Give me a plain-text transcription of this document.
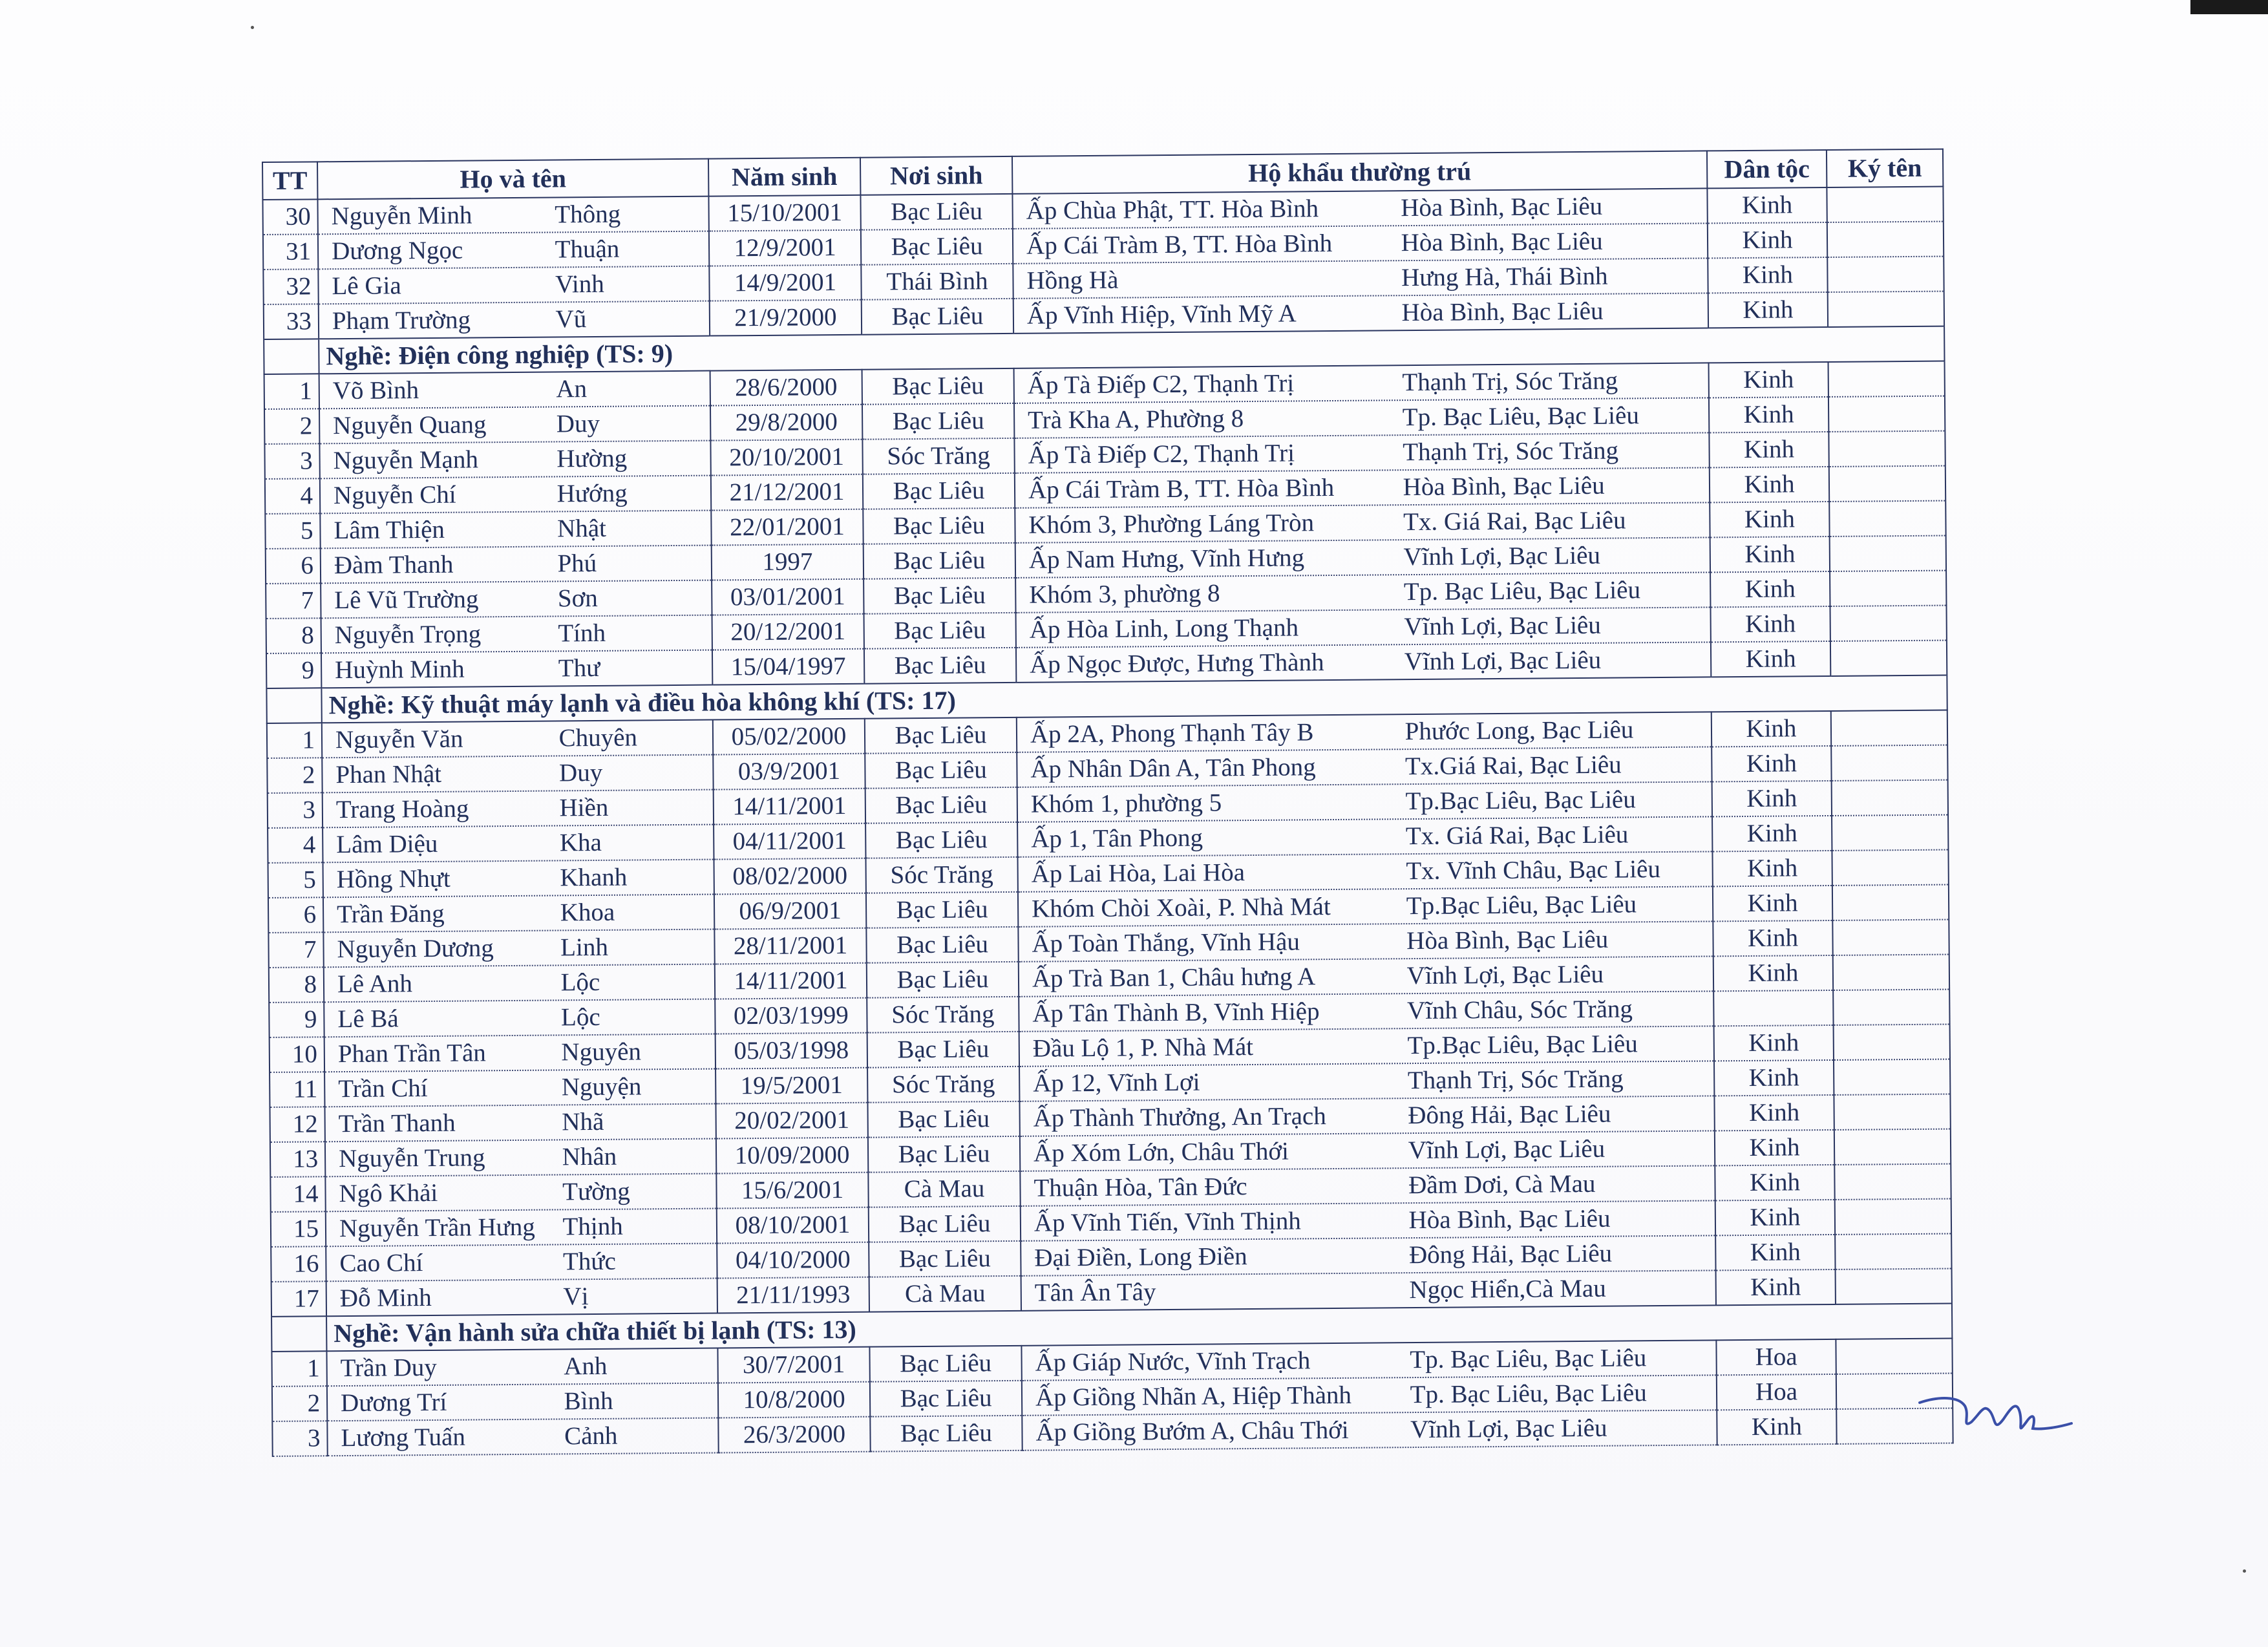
TT	Họ và tên	Năm sinh	Nơi sinh	Hộ khẩu thường trú	Dân tộc	Ký tên
30	Nguyễn Minh Thông	15/10/2001	Bạc Liêu	Ấp Chùa Phật, TT. Hòa Bình Hòa Bình, Bạc Liêu	Kinh	
31	Dương Ngọc Thuận	12/9/2001	Bạc Liêu	Ấp Cái Tràm B, TT. Hòa Bình Hòa Bình, Bạc Liêu	Kinh	
32	Lê Gia Vinh	14/9/2001	Thái Bình	Hồng Hà Hưng Hà, Thái Bình	Kinh	
33	Phạm Trường Vũ	21/9/2000	Bạc Liêu	Ấp Vĩnh Hiệp, Vĩnh Mỹ A Hòa Bình, Bạc Liêu	Kinh	
	Nghề: Điện công nghiệp (TS: 9)					
1	Võ Bình An	28/6/2000	Bạc Liêu	Ấp Tà Điếp C2, Thạnh Trị Thạnh Trị, Sóc Trăng	Kinh	
2	Nguyễn Quang Duy	29/8/2000	Bạc Liêu	Trà Kha A, Phường 8 Tp. Bạc Liêu, Bạc Liêu	Kinh	
3	Nguyễn Mạnh Hường	20/10/2001	Sóc Trăng	Ấp Tà Điếp C2, Thạnh Trị Thạnh Trị, Sóc Trăng	Kinh	
4	Nguyễn Chí Hướng	21/12/2001	Bạc Liêu	Ấp Cái Tràm B, TT. Hòa Bình Hòa Bình, Bạc Liêu	Kinh	
5	Lâm Thiện Nhật	22/01/2001	Bạc Liêu	Khóm 3, Phường Láng Tròn Tx. Giá Rai, Bạc Liêu	Kinh	
6	Đàm Thanh Phú	1997	Bạc Liêu	Ấp Nam Hưng, Vĩnh Hưng Vĩnh Lợi, Bạc Liêu	Kinh	
7	Lê Vũ Trường Sơn	03/01/2001	Bạc Liêu	Khóm 3, phường 8 Tp. Bạc Liêu, Bạc Liêu	Kinh	
8	Nguyễn Trọng Tính	20/12/2001	Bạc Liêu	Ấp Hòa Linh, Long Thạnh Vĩnh Lợi, Bạc Liêu	Kinh	
9	Huỳnh Minh Thư	15/04/1997	Bạc Liêu	Ấp Ngọc Được, Hưng Thành Vĩnh Lợi, Bạc Liêu	Kinh	
	Nghề: Kỹ thuật máy lạnh và điều hòa không khí (TS: 17)					
1	Nguyễn Văn Chuyên	05/02/2000	Bạc Liêu	Ấp 2A, Phong Thạnh Tây B Phước Long, Bạc Liêu	Kinh	
2	Phan Nhật Duy	03/9/2001	Bạc Liêu	Ấp Nhân Dân A, Tân Phong Tx.Giá Rai, Bạc Liêu	Kinh	
3	Trang Hoàng Hiền	14/11/2001	Bạc Liêu	Khóm 1, phường 5 Tp.Bạc Liêu, Bạc Liêu	Kinh	
4	Lâm Diệu Kha	04/11/2001	Bạc Liêu	Ấp 1, Tân Phong Tx. Giá Rai, Bạc Liêu	Kinh	
5	Hồng Nhựt Khanh	08/02/2000	Sóc Trăng	Ấp Lai Hòa, Lai Hòa Tx. Vĩnh Châu, Bạc Liêu	Kinh	
6	Trần Đăng Khoa	06/9/2001	Bạc Liêu	Khóm Chòi Xoài, P. Nhà Mát Tp.Bạc Liêu, Bạc Liêu	Kinh	
7	Nguyễn Dương Linh	28/11/2001	Bạc Liêu	Ấp Toàn Thắng, Vĩnh Hậu Hòa Bình, Bạc Liêu	Kinh	
8	Lê Anh Lộc	14/11/2001	Bạc Liêu	Ấp Trà Ban 1, Châu hưng A Vĩnh Lợi, Bạc Liêu	Kinh	
9	Lê Bá Lộc	02/03/1999	Sóc Trăng	Ấp Tân Thành B, Vĩnh Hiệp Vĩnh Châu, Sóc Trăng		

10	Phan Trần Tân Nguyên	05/03/1998	Bạc Liêu	Đầu Lộ 1, P. Nhà Mát Tp.Bạc Liêu, Bạc Liêu	Kinh	
11	Trần Chí Nguyện	19/5/2001	Sóc Trăng	Ấp 12, Vĩnh Lợi Thạnh Trị, Sóc Trăng	Kinh	
12	Trần Thanh Nhã	20/02/2001	Bạc Liêu	Ấp Thành Thưởng, An Trạch Đông Hải, Bạc Liêu	Kinh	
13	Nguyễn Trung Nhân	10/09/2000	Bạc Liêu	Ấp Xóm Lớn, Châu Thới Vĩnh Lợi, Bạc Liêu	Kinh	
14	Ngô Khải Tường	15/6/2001	Cà Mau	Thuận Hòa, Tân Đức Đầm Dơi, Cà Mau	Kinh	
15	Nguyễn Trần Hưng Thịnh	08/10/2001	Bạc Liêu	Ấp Vĩnh Tiến, Vĩnh Thịnh Hòa Bình, Bạc Liêu	Kinh	
16	Cao Chí Thức	04/10/2000	Bạc Liêu	Đại Điền, Long Điền Đông Hải, Bạc Liêu	Kinh	
17	Đỗ Minh Vị	21/11/1993	Cà Mau	Tân Ân Tây Ngọc Hiển,Cà Mau	Kinh	
	Nghề: Vận hành sửa chữa thiết bị lạnh (TS: 13)					
1	Trần Duy Anh	30/7/2001	Bạc Liêu	Ấp Giáp Nước, Vĩnh Trạch Tp. Bạc Liêu, Bạc Liêu	Hoa	
2	Dương Trí Bình	10/8/2000	Bạc Liêu	Ấp Giồng Nhãn A, Hiệp Thành Tp. Bạc Liêu, Bạc Liêu	Hoa	
3	Lương Tuấn Cảnh	26/3/2000	Bạc Liêu	Ấp Giồng Bướm A, Châu Thới Vĩnh Lợi, Bạc Liêu	Kinh	
